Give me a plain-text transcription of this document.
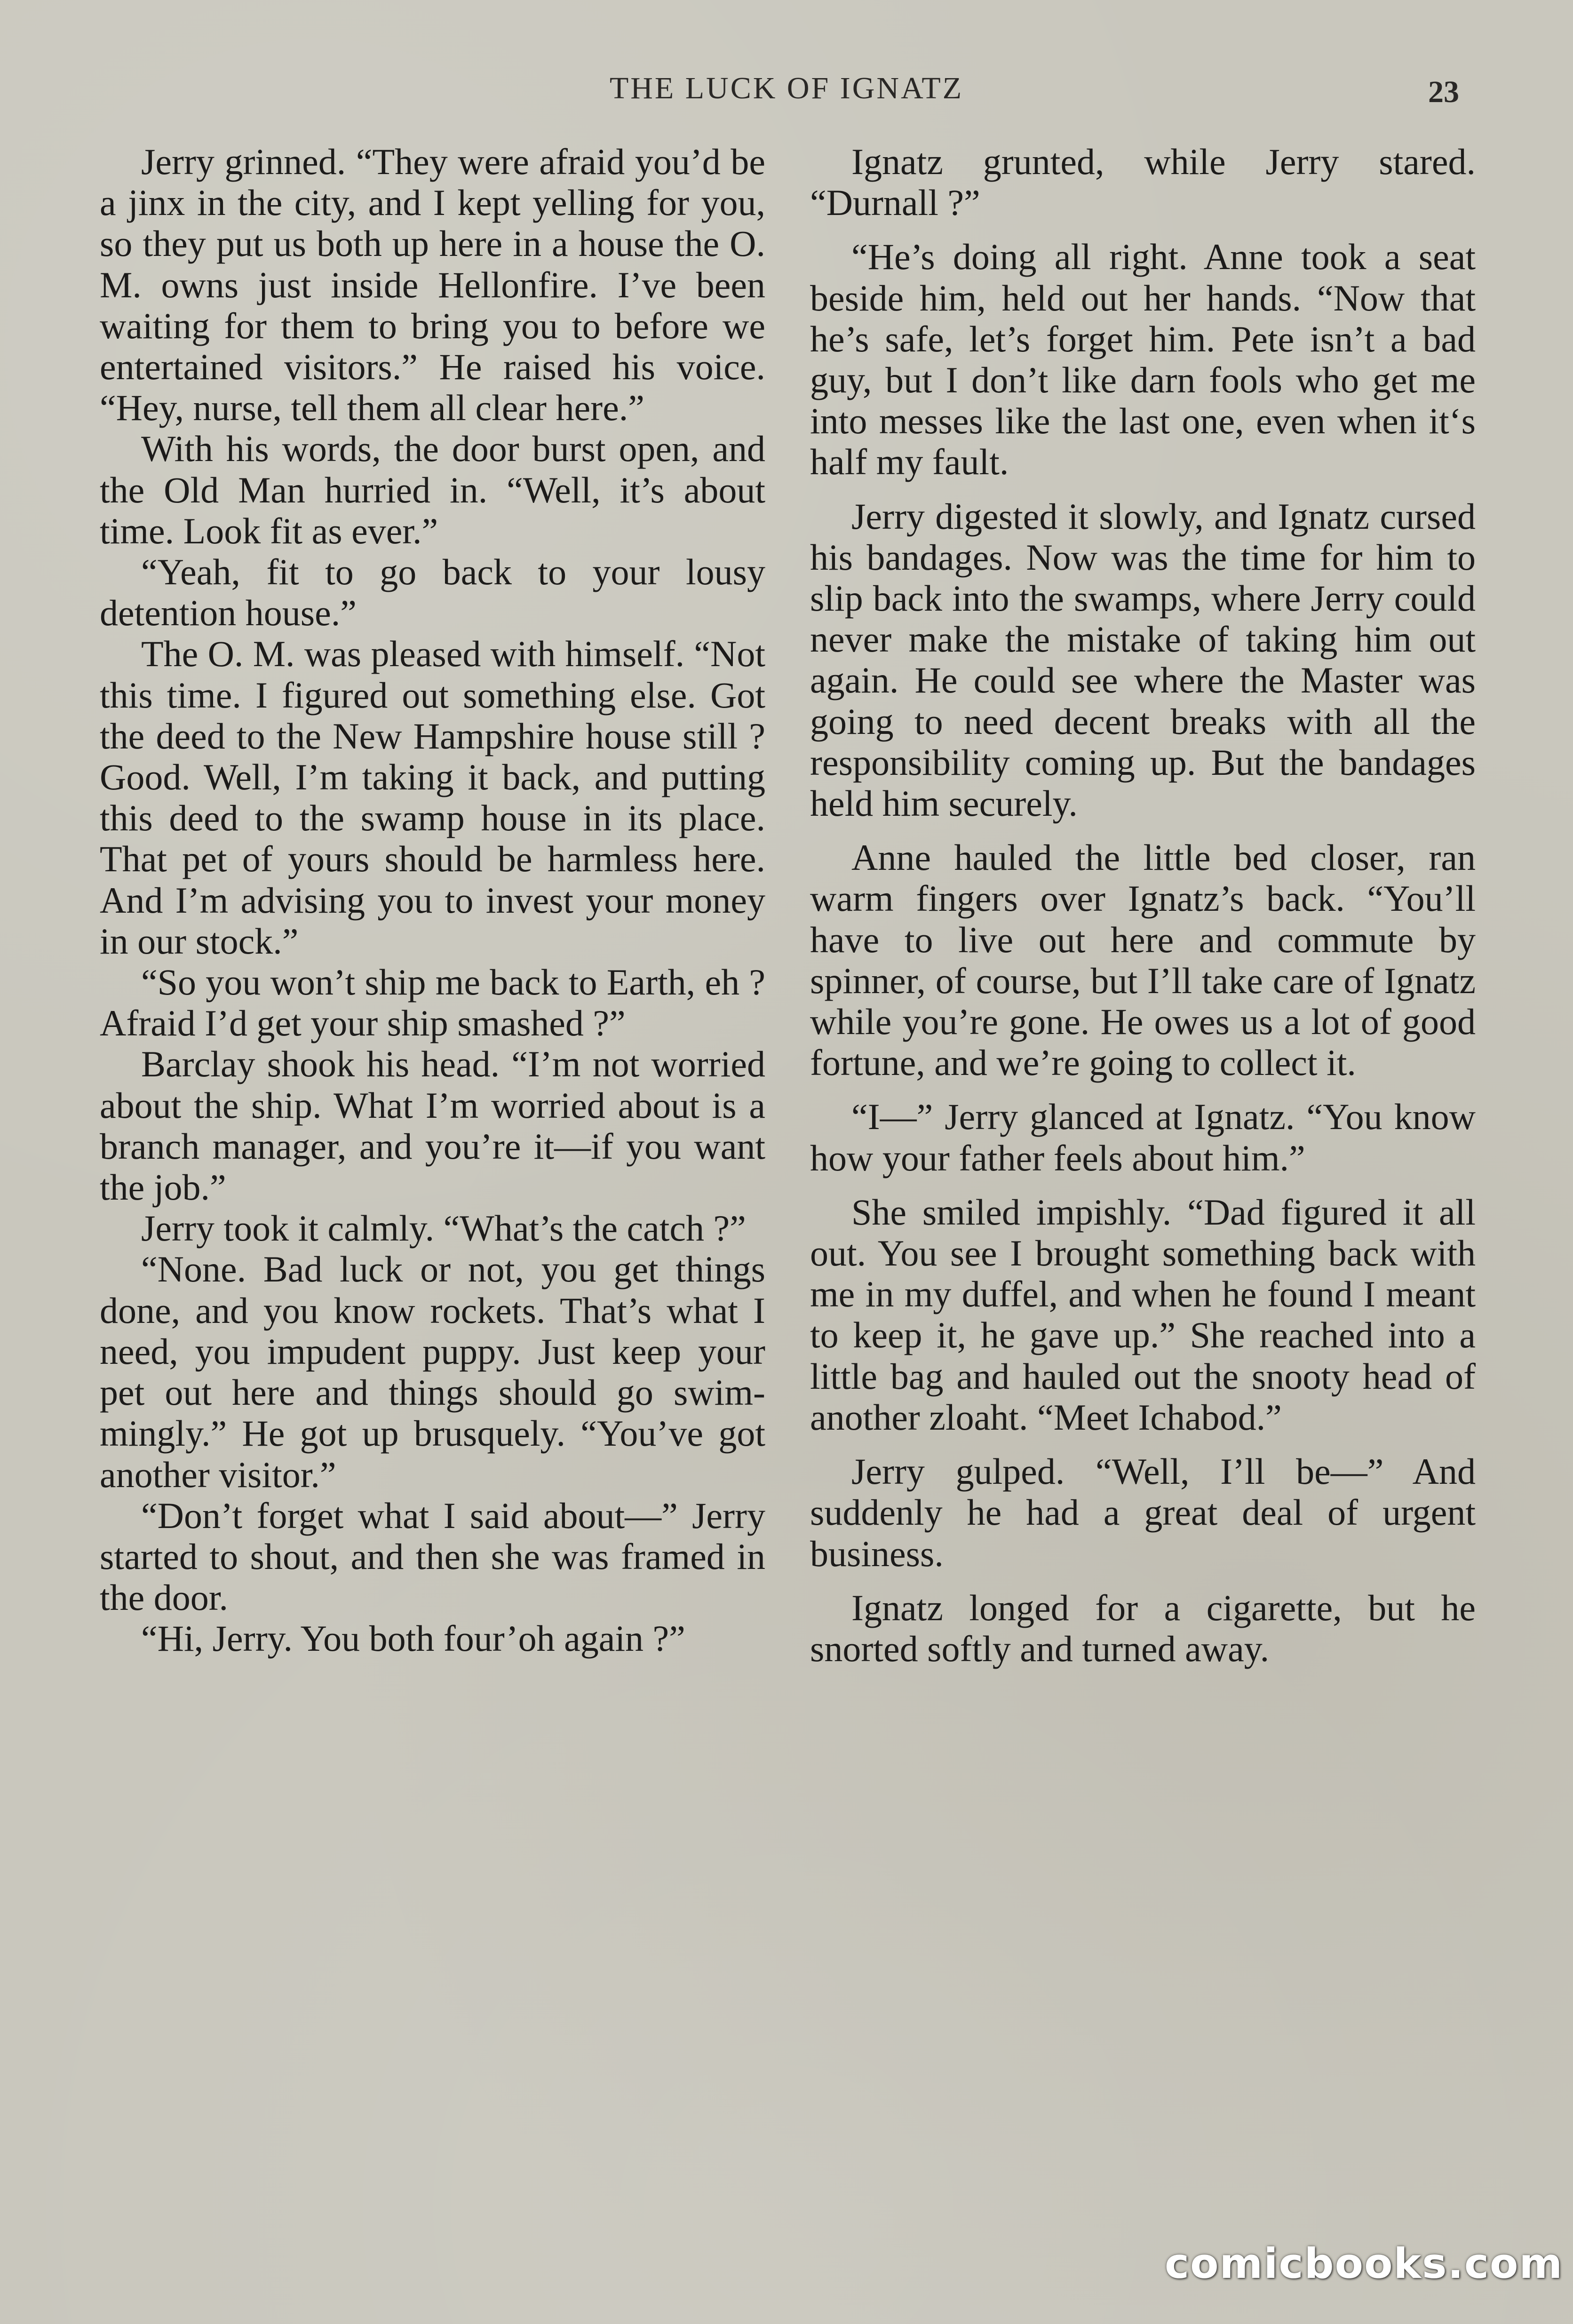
THE LUCK OF IGNATZ	23

Jerry grinned. “They were afraid you’d be a jinx in the city, and I kept yelling for you, so they put us both up here in a house the O. M. owns just inside Hellonfire. I’ve been waiting for them to bring you to before we entertained visitors.” He raised his voice. “Hey, nurse, tell them all clear here.”

With his words, the door burst open, and the Old Man hurried in. “Well, it’s about time. Look fit as ever.”

“Yeah, fit to go back to your lousy detention house.”

The O. M. was pleased with himself. “Not this time. I figured out something else. Got the deed to the New Hampshire house still ? Good. Well, I’m taking it back, and putting this deed to the swamp house in its place. That pet of yours should be harmless here. And I’m advising you to invest your money in our stock.”

“So you won’t ship me back to Earth, eh ? Afraid I’d get your ship smashed ?”

Barclay shook his head. “I’m not worried about the ship. What I’m worried about is a branch manager, and you’re it—if you want the job.”

Jerry took it calmly. “What’s the catch ?”

“None. Bad luck or not, you get things done, and you know rockets. That’s what I need, you impudent puppy. Just keep your pet out here and things should go swimmingly.” He got up brusquely. “You’ve got another visitor.”

“Don’t forget what I said about—” Jerry started to shout, and then she was framed in the door.

“Hi, Jerry. You both four’oh again ?”

Ignatz grunted, while Jerry stared. “Durnall ?”

“He’s doing all right. Anne took a seat beside him, held out her hands. “Now that he’s safe, let’s forget him. Pete isn’t a bad guy, but I don’t like darn fools who get me into messes like the last one, even when it‘s half my fault.

Jerry digested it slowly, and Ignatz cursed his bandages. Now was the time for him to slip back into the swamps, where Jerry could never make the mistake of taking him out again. He could see where the Master was going to need decent breaks with all the responsibility coming up. But the bandages held him securely.

Anne hauled the little bed closer, ran warm fingers over Ignatz’s back. “You’ll have to live out here and commute by spinner, of course, but I’ll take care of Ignatz while you’re gone. He owes us a lot of good fortune, and we’re going to collect it.

“I—” Jerry glanced at Ignatz. “You know how your father feels about him.”

She smiled impishly. “Dad figured it all out. You see I brought something back with me in my duffel, and when he found I meant to keep it, he gave up.” She reached into a little bag and hauled out the snooty head of another zloaht. “Meet Ichabod.”

Jerry gulped. “Well, I’ll be—” And suddenly he had a great deal of urgent business.

Ignatz longed for a cigarette, but he snorted softly and turned away.

comicbooks.com
